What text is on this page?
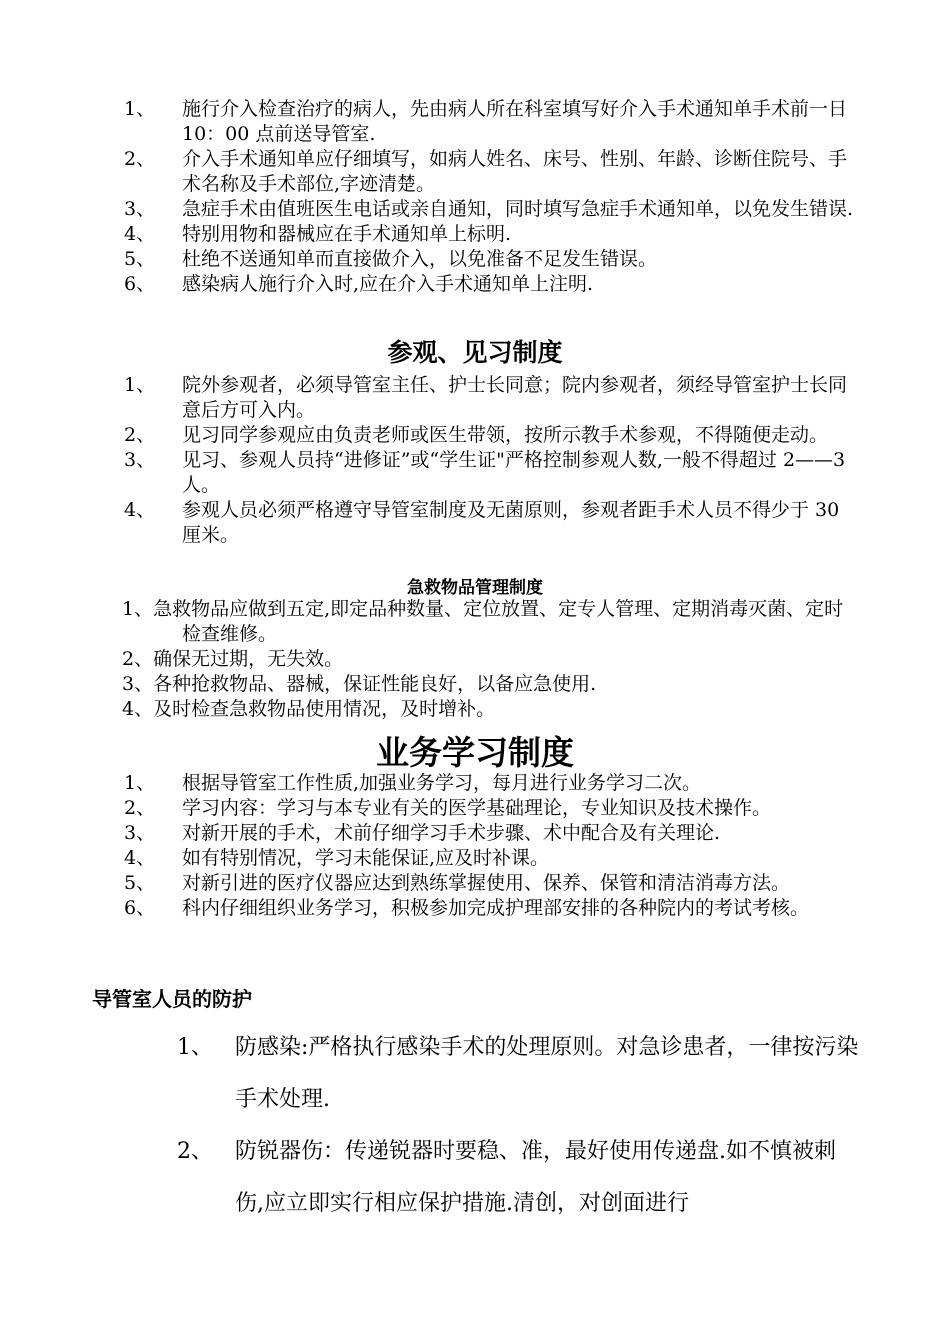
1、	施行介入检查治疗的病人，先由病人所在科室填写好介入手术通知单手术前一日 10：00 点前送导管室.
2、	介入手术通知单应仔细填写，如病人姓名、床号、性别、年龄、诊断住院号、手术名称及手术部位,字迹清楚。
3、	急症手术由值班医生电话或亲自通知，同时填写急症手术通知单，以免发生错误.
4、	特别用物和器械应在手术通知单上标明.
5、	杜绝不送通知单而直接做介入，以免准备不足发生错误。
6、	感染病人施行介入时,应在介入手术通知单上注明.
参观、见习制度
1、	院外参观者，必须导管室主任、护士长同意；院内参观者，须经导管室护士长同意后方可入内。
2、	见习同学参观应由负责老师或医生带领，按所示教手术参观，不得随便走动。
3、	见习、参观人员持“进修证”或“学生证"严格控制参观人数,一般不得超过 2——3 人。
4、	参观人员必须严格遵守导管室制度及无菌原则，参观者距手术人员不得少于 30 厘米。
急救物品管理制度
1、急救物品应做到五定,即定品种数量、定位放置、定专人管理、定期消毒灭菌、定时检查维修。
2、确保无过期，无失效。
3、各种抢救物品、器械，保证性能良好，以备应急使用.
4、及时检查急救物品使用情况，及时增补。
业务学习制度
1、	根据导管室工作性质,加强业务学习，每月进行业务学习二次。
2、	学习内容：学习与本专业有关的医学基础理论，专业知识及技术操作。
3、	对新开展的手术，术前仔细学习手术步骤、术中配合及有关理论.
4、	如有特别情况，学习未能保证,应及时补课。
5、	对新引进的医疗仪器应达到熟练掌握使用、保养、保管和清洁消毒方法。
6、	科内仔细组织业务学习，积极参加完成护理部安排的各种院内的考试考核。
导管室人员的防护
1、	防感染:严格执行感染手术的处理原则。对急诊患者，一律按污染手术处理.
2、	防锐器伤：传递锐器时要稳、准，最好使用传递盘.如不慎被刺伤,应立即实行相应保护措施.清创，对创面进行
